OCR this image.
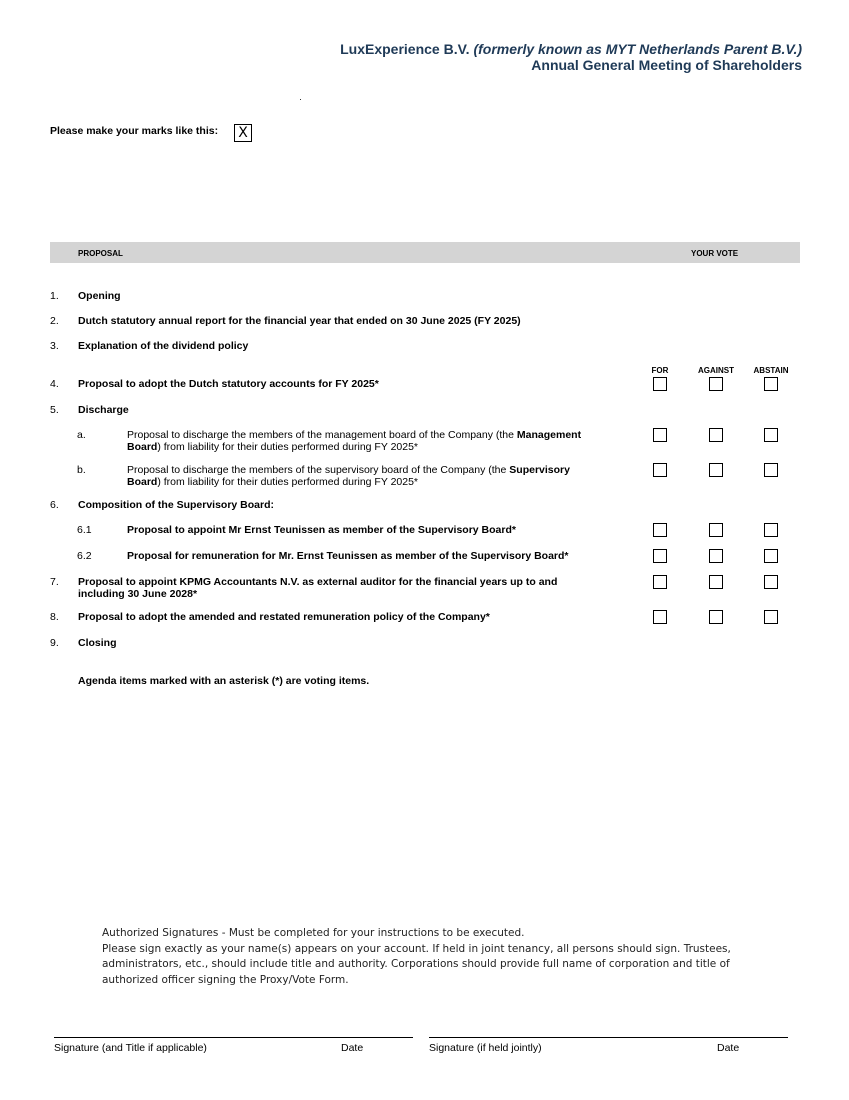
LuxExperience B.V. (formerly known as MYT Netherlands Parent B.V.)
Annual General Meeting of Shareholders
Please make your marks like this:	X
PROPOSAL	YOUR VOTE
1. Opening
2. Dutch statutory annual report for the financial year that ended on 30 June 2025 (FY 2025)
3. Explanation of the dividend policy
FOR	AGAINST	ABSTAIN
4. Proposal to adopt the Dutch statutory accounts for FY 2025*
5. Discharge
a.	Proposal to discharge the members of the management board of the Company (the Management
Board) from liability for their duties performed during FY 2025*
b.	Proposal to discharge the members of the supervisory board of the Company (the Supervisory
Board) from liability for their duties performed during FY 2025*
6. Composition of the Supervisory Board:
6.1	Proposal to appoint Mr Ernst Teunissen as member of the Supervisory Board*
6.2	Proposal for remuneration for Mr. Ernst Teunissen as member of the Supervisory Board*
7. Proposal to appoint KPMG Accountants N.V. as external auditor for the financial years up to and
including 30 June 2028*
8. Proposal to adopt the amended and restated remuneration policy of the Company*
9. Closing
Agenda items marked with an asterisk (*) are voting items.
Authorized Signatures - Must be completed for your instructions to be executed.
Please sign exactly as your name(s) appears on your account. If held in joint tenancy, all persons should sign. Trustees,
administrators, etc., should include title and authority. Corporations should provide full name of corporation and title of
authorized officer signing the Proxy/Vote Form.
Signature (and Title if applicable)	Date	Signature (if held jointly)	Date
